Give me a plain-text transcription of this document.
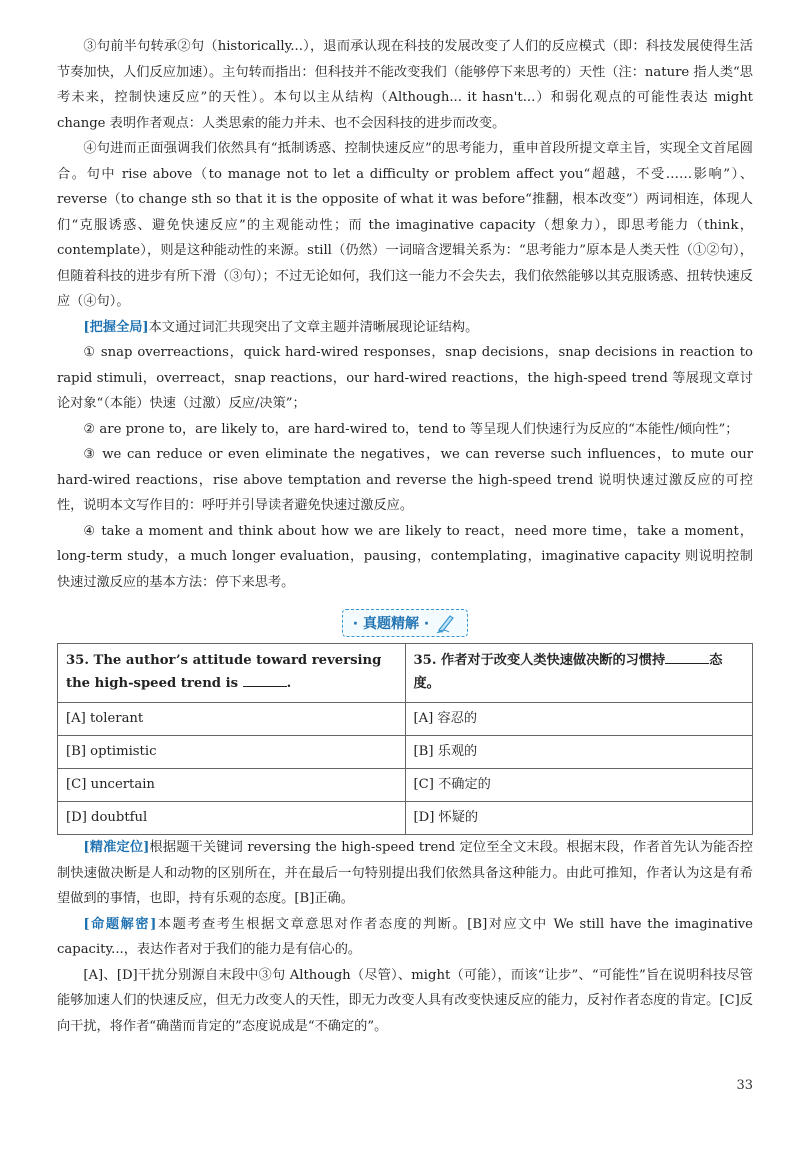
③句前半句转承②句（historically...），退而承认现在科技的发展改变了人们的反应模式（即：科技发展使得生活节奏加快，人们反应加速）。主句转而指出：但科技并不能改变我们（能够停下来思考的）天性（注：nature 指人类“思考未来，控制快速反应”的天性）。本句以主从结构（Although... it hasn't...）和弱化观点的可能性表达 might change 表明作者观点：人类思索的能力并未、也不会因科技的进步而改变。

④句进而正面强调我们依然具有“抵制诱惑、控制快速反应”的思考能力，重申首段所提文章主旨，实现全文首尾圆合。句中 rise above（to manage not to let a difficulty or problem affect you“超越，不受……影响”）、reverse（to change sth so that it is the opposite of what it was before“推翻，根本改变”）两词相连，体现人们“克服诱惑、避免快速反应”的主观能动性；而 the imaginative capacity（想象力），即思考能力（think，contemplate），则是这种能动性的来源。still（仍然）一词暗含逻辑关系为：“思考能力”原本是人类天性（①②句），但随着科技的进步有所下滑（③句）；不过无论如何，我们这一能力不会失去，我们依然能够以其克服诱惑、扭转快速反应（④句）。

[把握全局]本文通过词汇共现突出了文章主题并清晰展现论证结构。

① snap overreactions，quick hard-wired responses，snap decisions，snap decisions in reaction to rapid stimuli，overreact，snap reactions，our hard-wired reactions，the high-speed trend 等展现文章讨论对象“（本能）快速（过激）反应/决策”；

② are prone to，are likely to，are hard-wired to，tend to 等呈现人们快速行为反应的“本能性/倾向性”；

③ we can reduce or even eliminate the negatives，we can reverse such influences，to mute our hard-wired reactions，rise above temptation and reverse the high-speed trend 说明快速过激反应的可控性，说明本文写作目的：呼吁并引导读者避免快速过激反应。

④ take a moment and think about how we are likely to react，need more time，take a moment，long-term study，a much longer evaluation，pausing，contemplating，imaginative capacity 则说明控制快速过激反应的基本方法：停下来思考。

· 真题精解 ·
35. The author’s attitude toward reversing the high-speed trend is .	35. 作者对于改变人类快速做决断的习惯持 态度。
[A] tolerant	[A] 容忍的
[B] optimistic	[B] 乐观的
[C] uncertain	[C] 不确定的
[D] doubtful	[D] 怀疑的

[精准定位]根据题干关键词 reversing the high-speed trend 定位至全文末段。根据末段，作者首先认为能否控制快速做决断是人和动物的区别所在，并在最后一句特别提出我们依然具备这种能力。由此可推知，作者认为这是有希望做到的事情，也即，持有乐观的态度。[B]正确。

[命题解密]本题考查考生根据文章意思对作者态度的判断。[B]对应文中 We still have the imaginative capacity...，表达作者对于我们的能力是有信心的。

[A]、[D]干扰分别源自末段中③句 Although（尽管）、might（可能），而该“让步”、“可能性”旨在说明科技尽管能够加速人们的快速反应，但无力改变人的天性，即无力改变人具有改变快速反应的能力，反衬作者态度的肯定。[C]反向干扰，将作者“确凿而肯定的”态度说成是“不确定的”。

33
